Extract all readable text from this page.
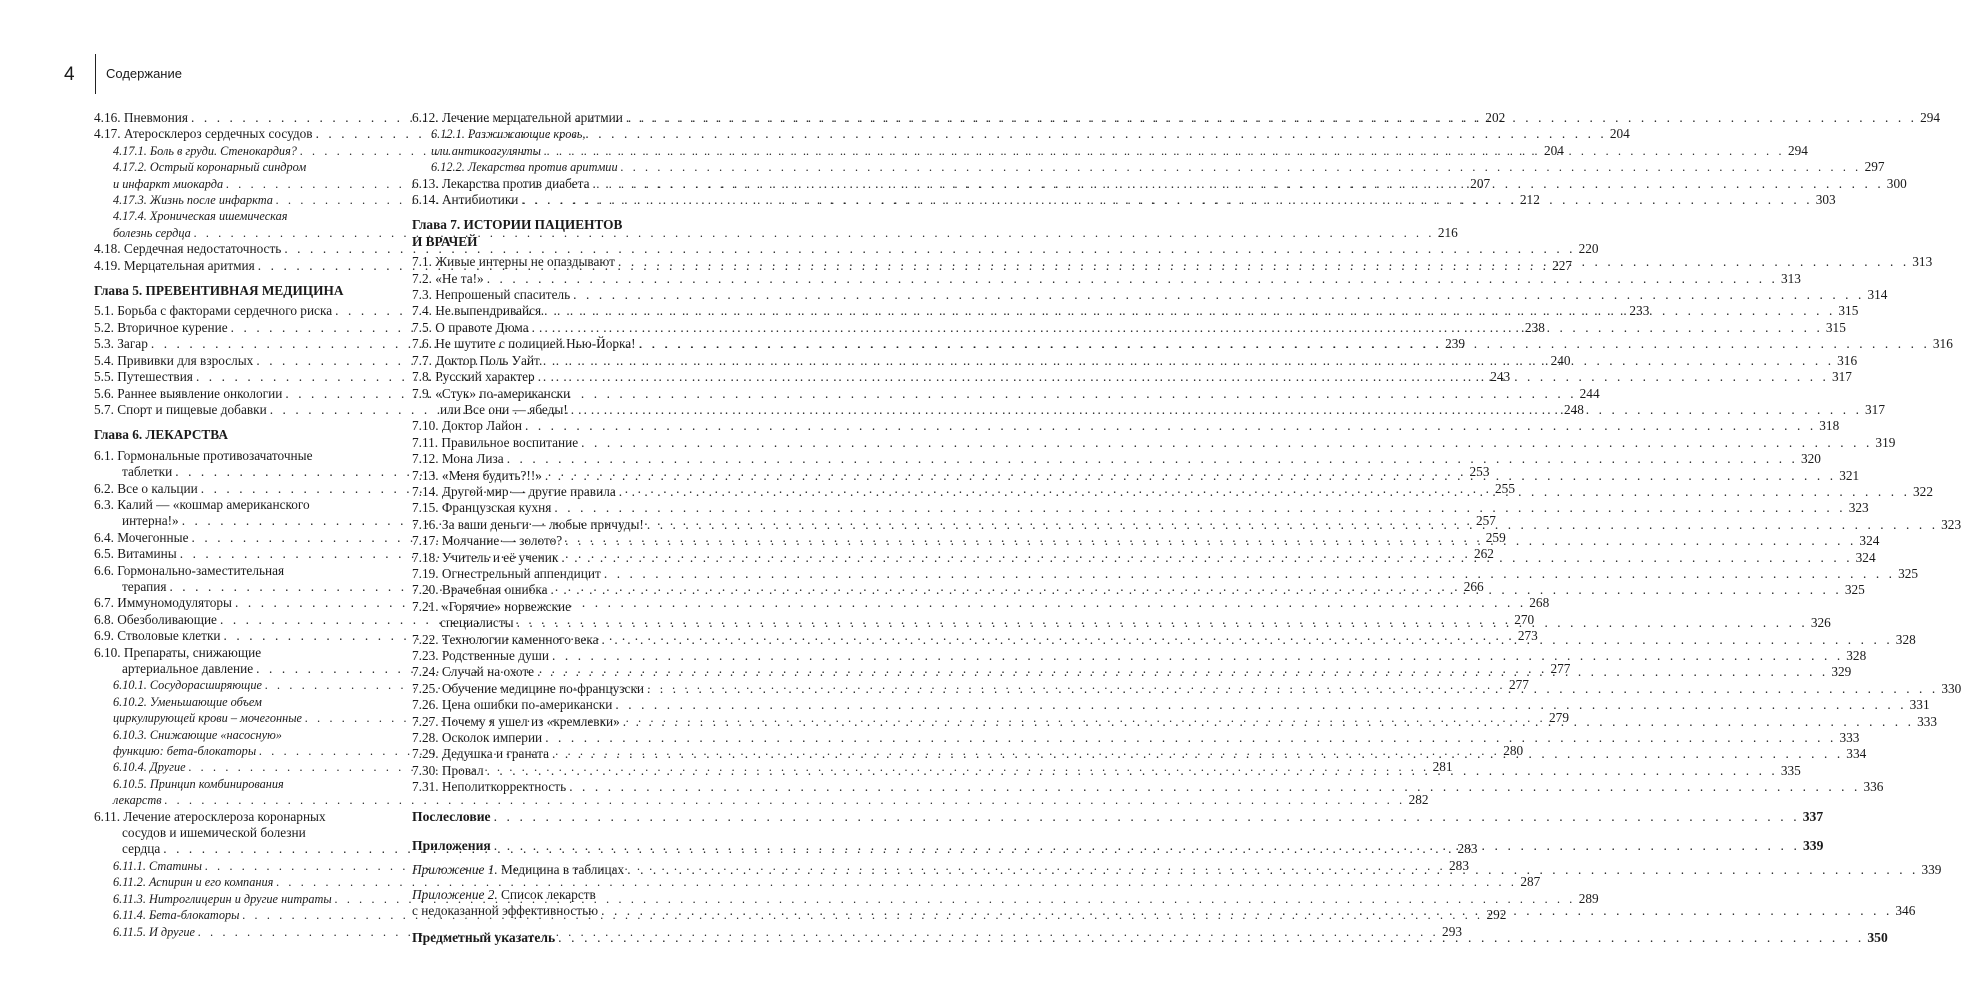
4 Содержание
4.16. Пневмония . . .	202
4.17. Атеросклероз сердечных сосудов . . .	204
4.17.1. Боль в груди. Стенокардия? . . .	204
4.17.2. Острый коронарный синдром
и инфаркт миокарда . . .	207
4.17.3. Жизнь после инфаркта . . .	212
4.17.4. Хроническая ишемическая
болезнь сердца . . .	216
4.18. Сердечная недостаточность . . .	220
4.19. Мерцательная аритмия . . .	227
Глава 5. ПРЕВЕНТИВНАЯ МЕДИЦИНА
5.1. Борьба с факторами сердечного риска . . .	233
5.2. Вторичное курение . . .	238
5.3. Загар . . .	239
5.4. Прививки для взрослых . . .	240
5.5. Путешествия . . .	243
5.6. Раннее выявление онкологии . . .	244
5.7. Спорт и пищевые добавки . . .	248
Глава 6. ЛЕКАРСТВА
6.1. Гормональные противозачаточные
таблетки . . .	253
6.2. Все о кальции . . .	255
6.3. Калий — «кошмар американского
интерна!» . . .	257
6.4. Мочегонные . . .	259
6.5. Витамины . . .	262
6.6. Гормонально-заместительная
терапия . . .	266
6.7. Иммуномодуляторы . . .	268
6.8. Обезболивающие . . .	270
6.9. Стволовые клетки . . .	273
6.10. Препараты, снижающие
артериальное давление . . .	277
6.10.1. Сосудорасширяющие . . .	277
6.10.2. Уменьшающие объем
циркулирующей крови – мочегонные . . .	279
6.10.3. Снижающие «насосную»
функцию: бета-блокаторы . . .	280
6.10.4. Другие . . .	281
6.10.5. Принцип комбинирования
лекарств . . .	282
6.11. Лечение атеросклероза коронарных
сосудов и ишемической болезни
сердца . . .	283
6.11.1. Статины . . .	283
6.11.2. Аспирин и его компания . . .	287
6.11.3. Нитроглицерин и другие нитраты . . .	289
6.11.4. Бета-блокаторы . . .	292
6.11.5. И другие . . .	293
6.12. Лечение мерцательной аритмии . . .	294
6.12.1. Разжижающие кровь,
или антикоагулянты . . .	294
6.12.2. Лекарства против аритмии . . .	297
6.13. Лекарства против диабета . . .	300
6.14. Антибиотики . . .	303
Глава 7. ИСТОРИИ ПАЦИЕНТОВ
И ВРАЧЕЙ
7.1. Живые интерны не опаздывают . . .	313
7.2. «Не та!» . . .	313
7.3. Непрошеный спаситель . . .	314
7.4. Не выпендривайся . . .	315
7.5. О правоте Дюма . . .	315
7.6. Не шутите с полицией Нью-Йорка! . . .	316
7.7. Доктор Поль Уайт . . .	316
7.8. Русский характер . . .	317
7.9. «Стук» по-американски
или Все они — ябеды! . . .	317
7.10. Доктор Лайон . . .	318
7.11. Правильное воспитание . . .	319
7.12. Мона Лиза . . .	320
7.13. «Меня будить?!!» . . .	321
7.14. Другой мир — другие правила . . .	322
7.15. Французская кухня . . .	323
7.16. За ваши деньги — любые причуды! . . .	323
7.17. Молчание — золото? . . .	324
7.18. Учитель и её ученик . . .	324
7.19. Огнестрельный аппендицит . . .	325
7.20. Врачебная ошибка . . .	325
7.21. «Горячие» норвежские
специалисты . . .	326
7.22. Технологии каменного века . . .	328
7.23. Родственные души . . .	328
7.24. Случай на охоте . . .	329
7.25. Обучение медицине по-французски . . .	330
7.26. Цена ошибки по-американски . . .	331
7.27. Почему я ушел из «кремлевки» . . .	333
7.28. Осколок империи . . .	333
7.29. Дедушка и граната . . .	334
7.30. Провал . . .	335
7.31. Неполиткорректность . . .	336
Послесловие . . .	337
Приложения . . .	339
Приложение 1. Медицина в таблицах . . .	339
Приложение 2. Список лекарств
с недоказанной эффективностью . . .	346
Предметный указатель . . .	350
